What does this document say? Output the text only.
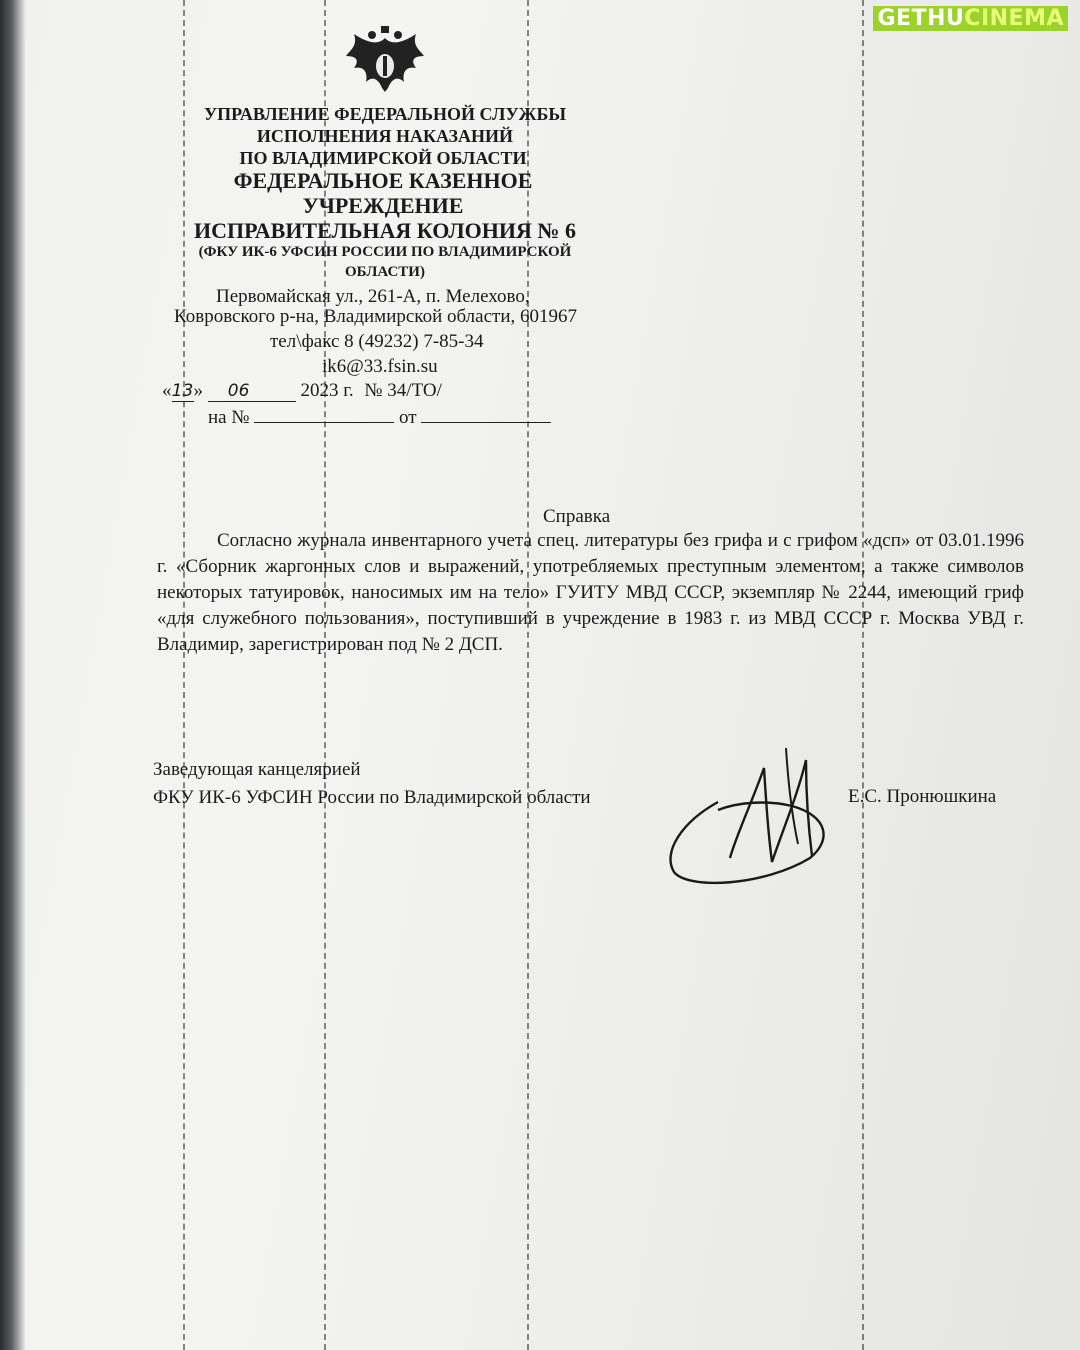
GETHUCINEMA
УПРАВЛЕНИЕ ФЕДЕРАЛЬНОЙ СЛУЖБЫ
ИСПОЛНЕНИЯ НАКАЗАНИЙ
ПО ВЛАДИМИРСКОЙ ОБЛАСТИ
ФЕДЕРАЛЬНОЕ КАЗЕННОЕ
УЧРЕЖДЕНИЕ
ИСПРАВИТЕЛЬНАЯ КОЛОНИЯ № 6
(ФКУ ИК-6 УФСИН РОССИИ ПО ВЛАДИМИРСКОЙ
ОБЛАСТИ)
Первомайская ул., 261-А, п. Мелехово,
Ковровского р-на, Владимирской области, 601967
тел\факс 8 (49232) 7-85-34
ik6@33.fsin.su
«13» 06	2023 г. № 34/ТО/
на №	от
Справка
Согласно журнала инвентарного учета спец. литературы без грифа и с грифом «дсп» от 03.01.1996 г. «Сборник жаргонных слов и выражений, употребляемых преступным элементом, а также символов некоторых татуировок, наносимых им на тело» ГУИТУ МВД СССР, экземпляр № 2244, имеющий гриф «для служебного пользования», поступивший в учреждение в 1983 г. из МВД СССР г. Москва УВД г. Владимир, зарегистрирован под № 2 ДСП.
Заведующая канцелярией
ФКУ ИК-6 УФСИН России по Владимирской области	Е.С. Пронюшкина
